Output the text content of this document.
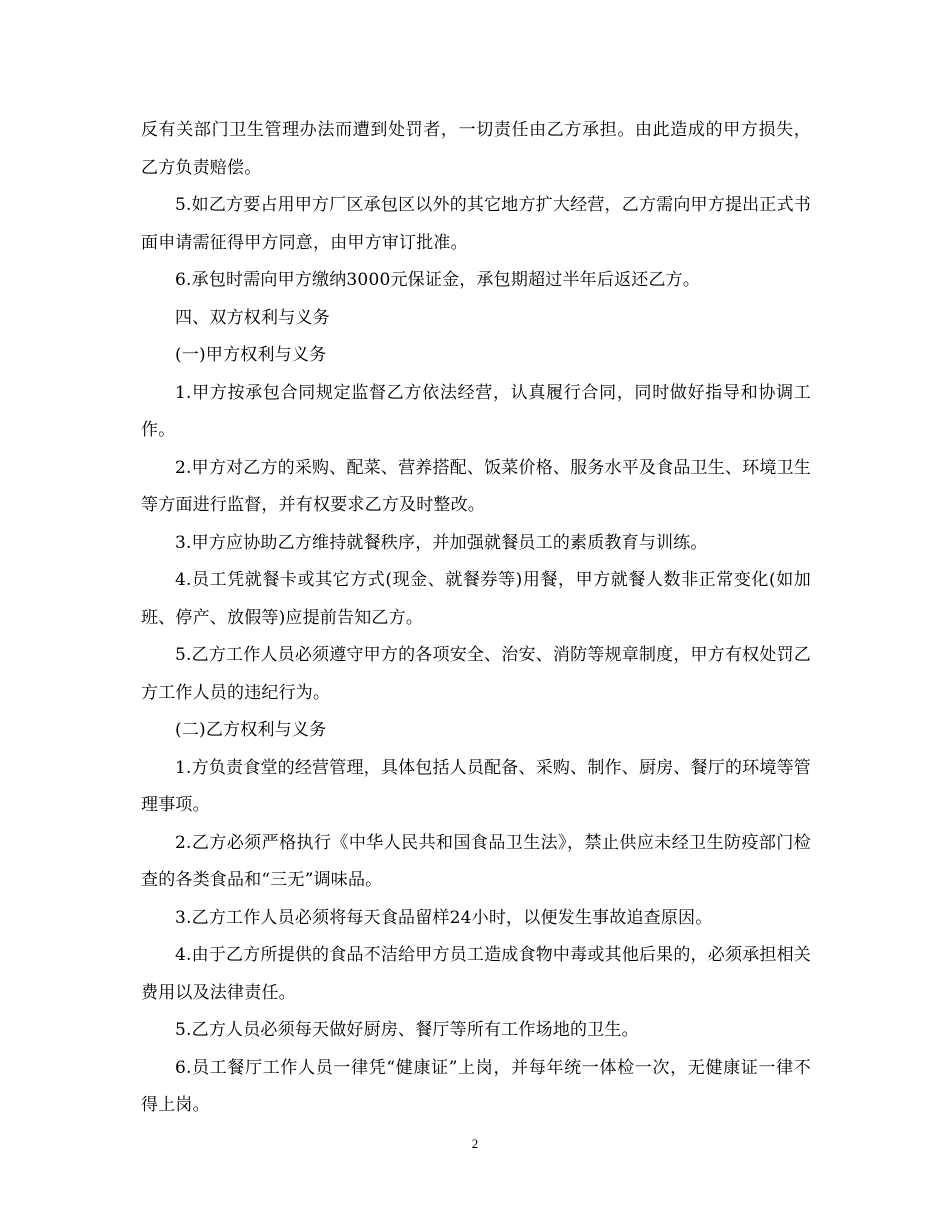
反有关部门卫生管理办法而遭到处罚者，一切责任由乙方承担。由此造成的甲方损失，乙方负责赔偿。

5.如乙方要占用甲方厂区承包区以外的其它地方扩大经营，乙方需向甲方提出正式书面申请需征得甲方同意，由甲方审订批准。

6.承包时需向甲方缴纳3000元保证金，承包期超过半年后返还乙方。

四、双方权利与义务

(一)甲方权利与义务

1.甲方按承包合同规定监督乙方依法经营，认真履行合同，同时做好指导和协调工作。

2.甲方对乙方的采购、配菜、营养搭配、饭菜价格、服务水平及食品卫生、环境卫生等方面进行监督，并有权要求乙方及时整改。

3.甲方应协助乙方维持就餐秩序，并加强就餐员工的素质教育与训练。

4.员工凭就餐卡或其它方式(现金、就餐券等)用餐，甲方就餐人数非正常变化(如加班、停产、放假等)应提前告知乙方。

5.乙方工作人员必须遵守甲方的各项安全、治安、消防等规章制度，甲方有权处罚乙方工作人员的违纪行为。

(二)乙方权利与义务

1.方负责食堂的经营管理，具体包括人员配备、采购、制作、厨房、餐厅的环境等管理事项。

2.乙方必须严格执行《中华人民共和国食品卫生法》，禁止供应未经卫生防疫部门检查的各类食品和“三无”调味品。

3.乙方工作人员必须将每天食品留样24小时，以便发生事故追查原因。

4.由于乙方所提供的食品不洁给甲方员工造成食物中毒或其他后果的，必须承担相关费用以及法律责任。

5.乙方人员必须每天做好厨房、餐厅等所有工作场地的卫生。

6.员工餐厅工作人员一律凭“健康证”上岗，并每年统一体检一次，无健康证一律不得上岗。

2
